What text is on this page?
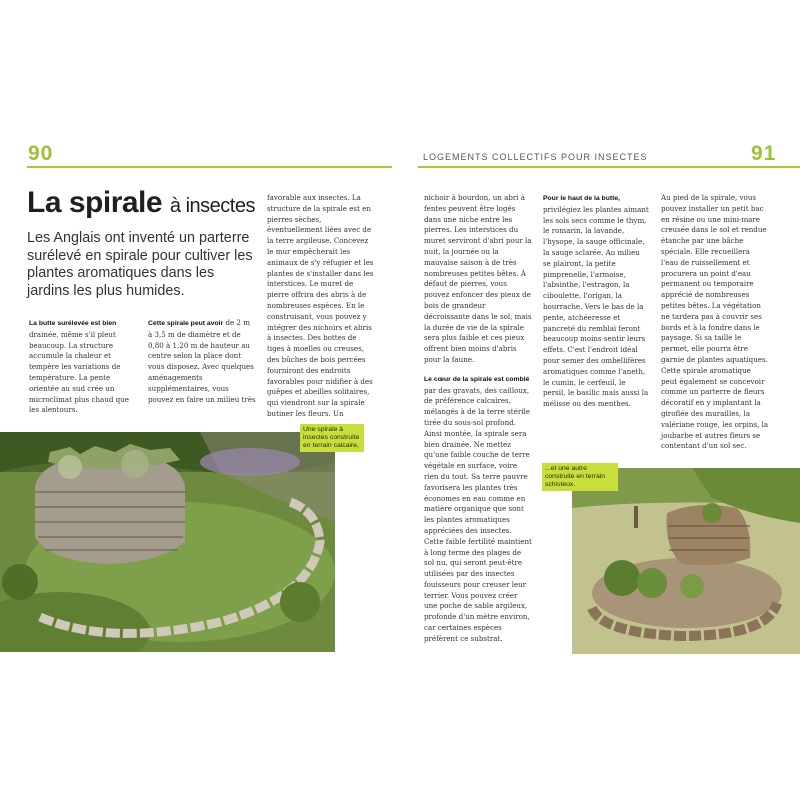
90	LOGEMENTS COLLECTIFS POUR INSECTES	91
La spirale à insectes
Les Anglais ont inventé un parterre surélevé en spirale pour cultiver les plantes aromatiques dans les jardins les plus humides.

La butte surélevée est bien drainée, même s'il pleut beaucoup. La structure accumule la chaleur et tempère les variations de température. La pente orientée au sud crée un microclimat plus chaud que les alentours.

Cette spirale peut avoir de 2 m à 3,5 m de diamètre et de 0,80 à 1,20 m de hauteur au centre selon la place dont vous disposez. Avec quelques aménagements supplémentaires, vous pouvez en faire un milieu très

favorable aux insectes. La structure de la spirale est en pierres sèches, éventuellement liées avec de la terre argileuse. Concevez le mur empêcherait les animaux de s'y réfugier et les plantes de s'installer dans les interstices. Le muret de pierre offrira des abris à de nombreuses espèces. En le construisant, vous pouvez y intégrer des nichoirs et abris à insectes. Des bottes de tiges à moelles ou creuses, des bûches de bois percées fourniront des endroits favorables pour nidifier à des guêpes et abeilles solitaires, qui viendront sur la spirale butiner les fleurs. Un

Une spirale à insectes construite en terrain calcaire,

nichoir à bourdon, un abri à fentes peuvent être logés dans une niche entre les pierres. Les interstices du muret serviront d'abri pour la nuit, la journée ou la mauvaise saison à de très nombreuses petites bêtes. À défaut de pierres, vous pouvez enfoncer des pieux de bois de grandeur décroissante dans le sol, mais la durée de vie de la spirale sera plus faible et ces pieux offrent bien moins d'abris pour la faune.

Le cœur de la spirale est comblé par des gravats, des cailloux, de préférence calcaires, mélangés à de la terre stérile tirée du sous-sol profond. Ainsi montée, la spirale sera bien drainée. Ne mettez qu'une faible couche de terre végétale en surface, voire rien du tout. Sa terre pauvre favorisera les plantes très économes en eau comme en matière organique que sont les plantes aromatiques appréciées des insectes. Cette faible fertilité maintient à long terme des plages de sol nu, qui seront peut-être utilisées par des insectes fouisseurs pour creuser leur terrier. Vous pouvez créer une poche de sable argileux, profonde d'un mètre environ, car certaines espèces préfèrent ce substrat.

Pour le haut de la butte, privilégiez les plantes aimant les sols secs comme le thym, le romarin, la lavande, l'hysope, la sauge officinale, la sauge sclarée. Au milieu se plairont, la petite pimprenelle, l'armoise, l'absinthe, l'estragon, la ciboulette, l'origan, la bourrache. Vers le bas de la pente, atchéeresse et pancreté du remblai feront beaucoup moins sentir leurs effets. C'est l'endroit idéal pour semer des ombellifères aromatiques comme l'aneth, le cumin, le cerfeuil, le persil, le basilic mais aussi la mélisse ou des menthes.

Au pied de la spirale, vous pouvez installer un petit bac en résine ou une mini-mare creusée dans le sol et rendue étanche par une bâche spéciale. Elle recueillera l'eau de ruissellement et procurera un point d'eau permanent ou temporaire apprécié de nombreuses petites bêtes. La végétation ne tardera pas à couvrir ses bords et à la fondre dans le paysage. Si sa taille le permet, elle pourra être garnie de plantes aquatiques. Cette spirale aromatique peut également se concevoir comme un parterre de fleurs décoratif en y implantant la giroflée des murailles, la valériane rouge, les orpins, la joubarbe et autres fleurs se contentant d'un sol sec.

...et une autre construite en terrain schisteux.
